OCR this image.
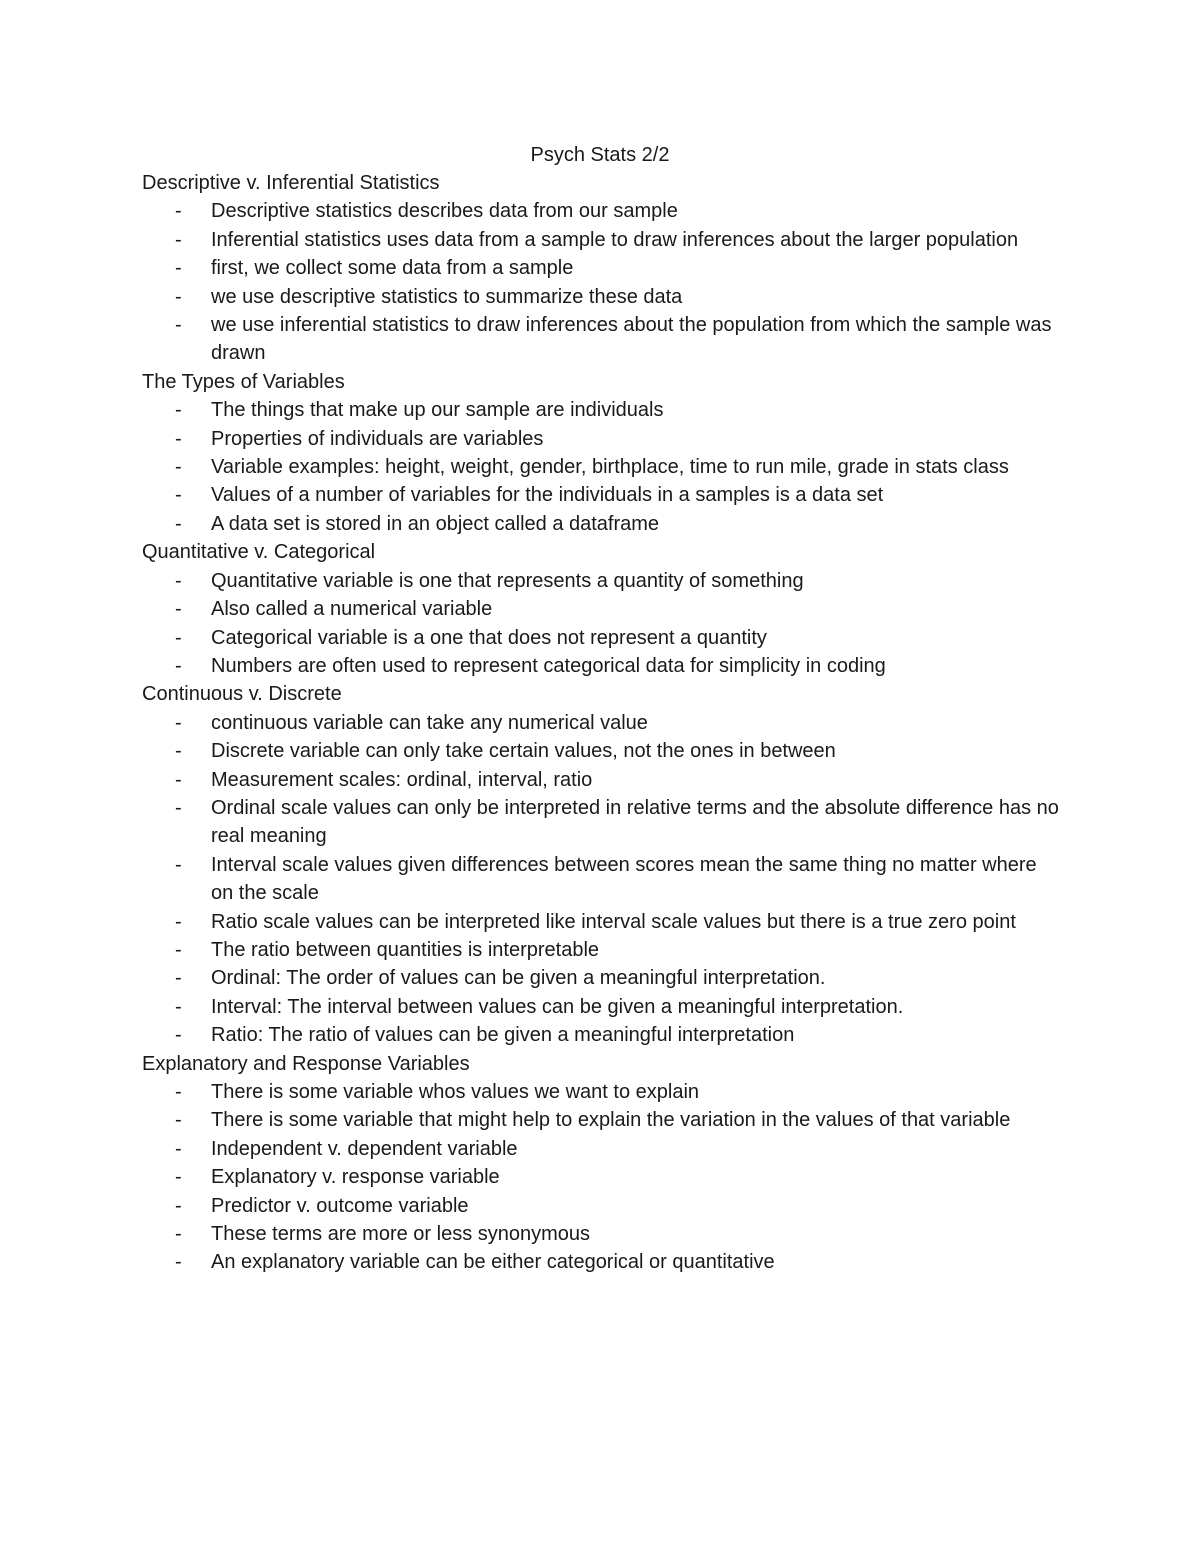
Psych Stats 2/2

Descriptive v. Inferential Statistics

- Descriptive statistics describes data from our sample
- Inferential statistics uses data from a sample to draw inferences about the larger population
- first, we collect some data from a sample
- we use descriptive statistics to summarize these data
- we use inferential statistics to draw inferences about the population from which the sample was drawn

The Types of Variables

- The things that make up our sample are individuals
- Properties of individuals are variables
- Variable examples: height, weight, gender, birthplace, time to run mile, grade in stats class
- Values of a number of variables for the individuals in a samples is a data set
- A data set is stored in an object called a dataframe

Quantitative v. Categorical

- Quantitative variable is one that represents a quantity of something
- Also called a numerical variable
- Categorical variable is a one that does not represent a quantity
- Numbers are often used to represent categorical data for simplicity in coding

Continuous v. Discrete

- continuous variable can take any numerical value
- Discrete variable can only take certain values, not the ones in between
- Measurement scales: ordinal, interval, ratio
- Ordinal scale values can only be interpreted in relative terms and the absolute difference has no real meaning
- Interval scale values given differences between scores mean the same thing no matter where on the scale
- Ratio scale values can be interpreted like interval scale values but there is a true zero point
- The ratio between quantities is interpretable
- Ordinal: The order of values can be given a meaningful interpretation.
- Interval: The interval between values can be given a meaningful interpretation.
- Ratio: The ratio of values can be given a meaningful interpretation

Explanatory and Response Variables

- There is some variable whos values we want to explain
- There is some variable that might help to explain the variation in the values of that variable
- Independent v. dependent variable
- Explanatory v. response variable
- Predictor v. outcome variable
- These terms are more or less synonymous
- An explanatory variable can be either categorical or quantitative
